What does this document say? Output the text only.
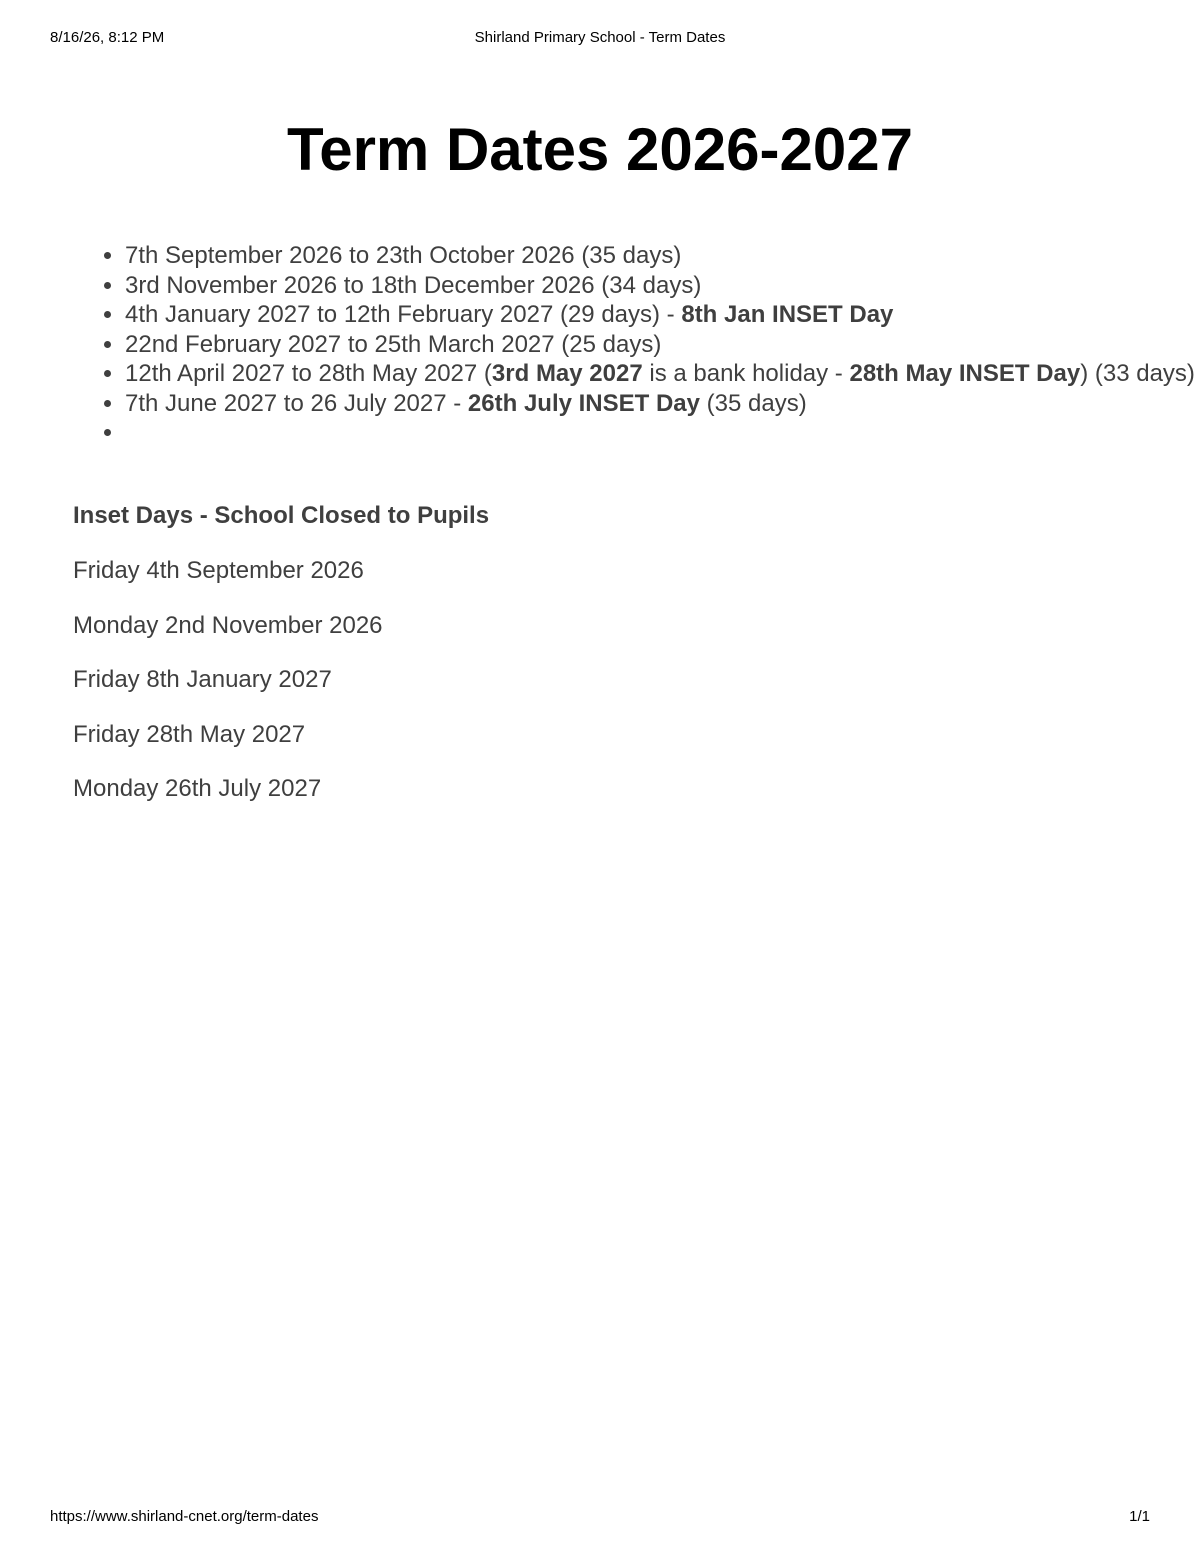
8/16/26, 8:12 PM	Shirland Primary School - Term Dates
Term Dates 2026-2027
• 7th September 2026 to 23th October 2026 (35 days)
• 3rd November 2026 to 18th December 2026 (34 days)
• 4th January 2027 to 12th February 2027 (29 days) - 8th Jan INSET Day
• 22nd February 2027 to 25th March 2027 (25 days)
• 12th April 2027 to 28th May 2027 (3rd May 2027 is a bank holiday - 28th May INSET Day) (33 days)
• 7th June 2027 to 26 July 2027 - 26th July INSET Day (35 days)
•

Inset Days - School Closed to Pupils

Friday 4th September 2026
Monday 2nd November 2026
Friday 8th January 2027
Friday 28th May 2027
Monday 26th July 2027
https://www.shirland-cnet.org/term-dates	1/1
